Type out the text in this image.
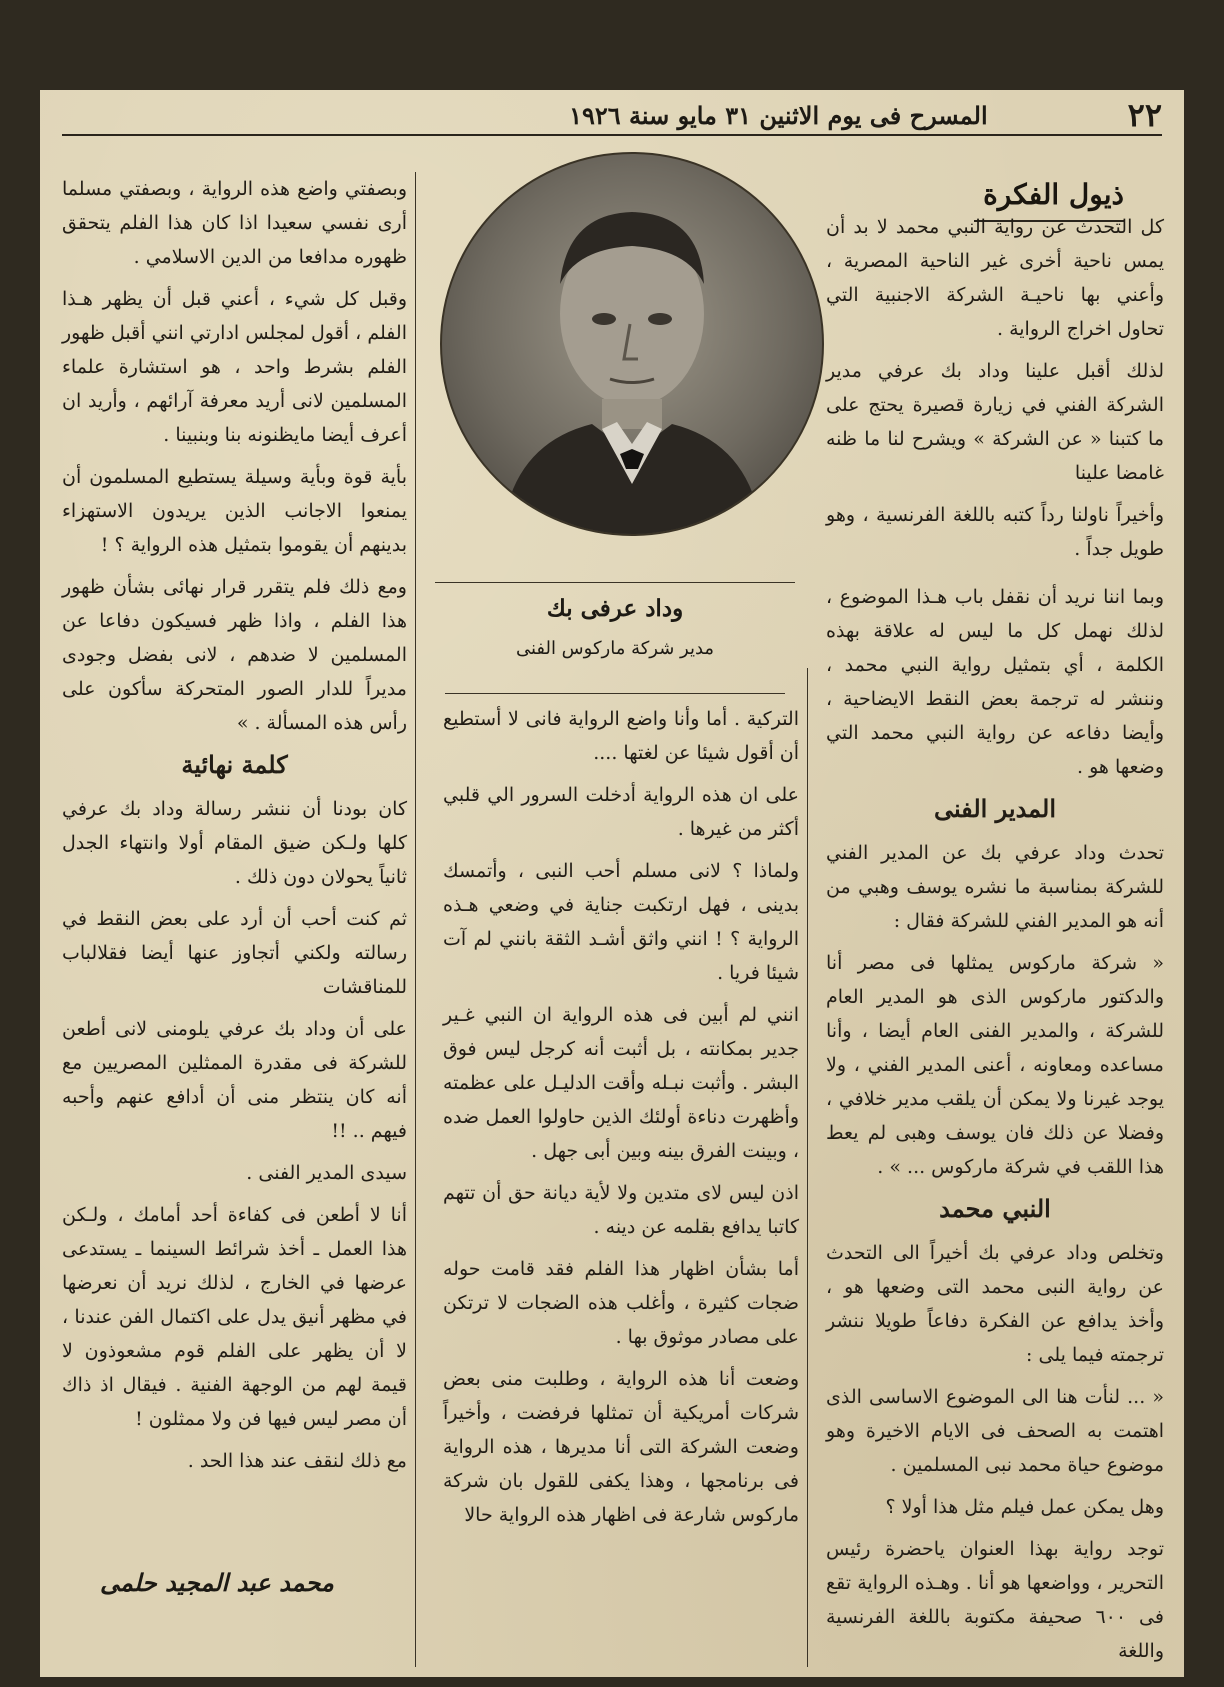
٢٢
المسرح فى يوم الاثنين ٣١ مايو سنة ١٩٢٦
ذيول الفكرة

كل التحدث عن رواية النبي محمد لا بد أن يمس ناحية أخرى غير الناحية المصرية ، وأعني بها ناحيـة الشركة الاجنبية التي تحاول اخراج الرواية .

لذلك أقبل علينا وداد بك عرفي مدير الشركة الفني في زيارة قصيرة يحتج على ما كتبنا « عن الشركة » ويشرح لنا ما ظنه غامضا علينا

وأخيراً ناولنا رداً كتبه باللغة الفرنسية ، وهو طويل جداً .

وبما اننا نريد أن نقفل باب هـذا الموضوع ، لذلك نهمل كل ما ليس له علاقة بهذه الكلمة ، أي بتمثيل رواية النبي محمد ، وننشر له ترجمة بعض النقط الايضاحية ، وأيضا دفاعه عن رواية النبي محمد التي وضعها هو .

المدير الفنى

تحدث وداد عرفي بك عن المدير الفني للشركة بمناسبة ما نشره يوسف وهبي من أنه هو المدير الفني للشركة فقال :

« شركة ماركوس يمثلها فى مصر أنا والدكتور ماركوس الذى هو المدير العام للشركة ، والمدير الفنى العام أيضا ، وأنا مساعده ومعاونه ، أعنى المدير الفني ، ولا يوجد غيرنا ولا يمكن أن يلقب مدير خلافي ، وفضلا عن ذلك فان يوسف وهبى لم يعط هذا اللقب في شركة ماركوس ... » .

النبي محمد

وتخلص وداد عرفي بك أخيراً الى التحدث عن رواية النبى محمد التى وضعها هو ، وأخذ يدافع عن الفكرة دفاعاً طويلا ننشر ترجمته فيما يلى :

« ... لنأت هنا الى الموضوع الاساسى الذى اهتمت به الصحف فى الايام الاخيرة وهو موضوع حياة محمد نبى المسلمين .

وهل يمكن عمل فيلم مثل هذا أولا ؟

توجد رواية بهذا العنوان ياحضرة رئيس التحرير ، وواضعها هو أنا . وهـذه الرواية تقع فى ٦٠٠ صحيفة مكتوبة باللغة الفرنسية واللغة

وداد عرفى بك
مدير شركة ماركوس الفنى

التركية . أما وأنا واضع الرواية فانى لا أستطيع أن أقول شيئا عن لغتها ....

على ان هذه الرواية أدخلت السرور الي قلبي أكثر من غيرها .

ولماذا ؟ لانى مسلم أحب النبى ، وأتمسك بدينى ، فهل ارتكبت جناية في وضعي هـذه الرواية ؟ ! انني واثق أشـد الثقة بانني لم آت شيئا فريا .

انني لم أبين فى هذه الرواية ان النبي غـير جدير بمكانته ، بل أثبت أنه كرجل ليس فوق البشر . وأثبت نبـله وأقت الدليـل على عظمته وأظهرت دناءة أولئك الذين حاولوا العمل ضده ، وبينت الفرق بينه وبين أبى جهل .

اذن ليس لاى متدين ولا لأية ديانة حق أن تتهم كاتبا يدافع بقلمه عن دينه .

أما بشأن اظهار هذا الفلم فقد قامت حوله ضجات كثيرة ، وأغلب هذه الضجات لا ترتكن على مصادر موثوق بها .

وضعت أنا هذه الرواية ، وطلبت منى بعض شركات أمريكية أن تمثلها فرفضت ، وأخيراً وضعت الشركة التى أنا مديرها ، هذه الرواية فى برنامجها ، وهذا يكفى للقول بان شركة ماركوس شارعة فى اظهار هذه الرواية حالا

وبصفتي واضع هذه الرواية ، وبصفتي مسلما أرى نفسي سعيدا اذا كان هذا الفلم يتحقق ظهوره مدافعا من الدين الاسلامي .

وقبل كل شيء ، أعني قبل أن يظهر هـذا الفلم ، أقول لمجلس ادارتي انني أقبل ظهور الفلم بشرط واحد ، هو استشارة علماء المسلمين لانى أريد معرفة آرائهم ، وأريد ان أعرف أيضا مايظنونه بنا وبنبينا .

بأية قوة وبأية وسيلة يستطيع المسلمون أن يمنعوا الاجانب الذين يريدون الاستهزاء بدينهم أن يقوموا بتمثيل هذه الرواية ؟ !

ومع ذلك فلم يتقرر قرار نهائى بشأن ظهور هذا الفلم ، واذا ظهر فسيكون دفاعا عن المسلمين لا ضدهم ، لانى بفضل وجودى مديراً للدار الصور المتحركة سأكون على رأس هذه المسألة . »

كلمة نهائية

كان بودنا أن ننشر رسالة وداد بك عرفي كلها ولـكن ضيق المقام أولا وانتهاء الجدل ثانياً يحولان دون ذلك .

ثم كنت أحب أن أرد على بعض النقط في رسالته ولكني أتجاوز عنها أيضا فقلالباب للمناقشات

على أن وداد بك عرفي يلومنى لانى أطعن للشركة فى مقدرة الممثلين المصريين مع أنه كان ينتظر منى أن أدافع عنهم وأحبه فيهم .. !!

سيدى المدير الفنى .

أنا لا أطعن فى كفاءة أحد أمامك ، ولـكن هذا العمل ـ أخذ شرائط السينما ـ يستدعى عرضها في الخارج ، لذلك نريد أن نعرضها في مظهر أنيق يدل على اكتمال الفن عندنا ، لا أن يظهر على الفلم قوم مشعوذون لا قيمة لهم من الوجهة الفنية . فيقال اذ ذاك أن مصر ليس فيها فن ولا ممثلون !

مع ذلك لنقف عند هذا الحد .

محمد عبد المجيد حلمى
